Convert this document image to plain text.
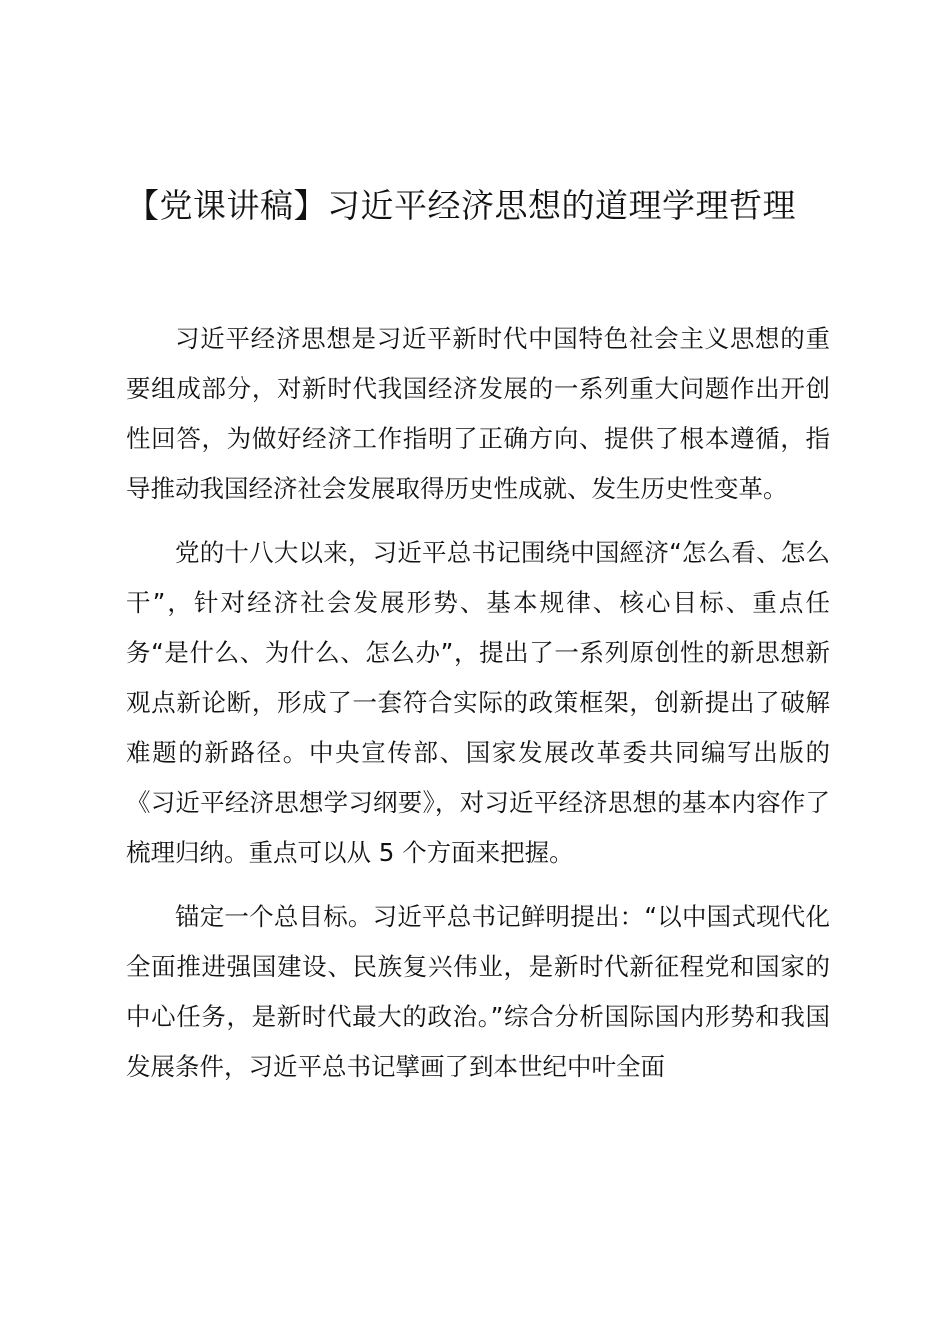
【党课讲稿】习近平经济思想的道理学理哲理

习近平经济思想是习近平新时代中国特色社会主义思想的重要组成部分，对新时代我国经济发展的一系列重大问题作出开创性回答，为做好经济工作指明了正确方向、提供了根本遵循，指导推动我国经济社会发展取得历史性成就、发生历史性变革。

党的十八大以来，习近平总书记围绕中国經济“怎么看、怎么干”，针对经济社会发展形势、基本规律、核心目标、重点任务“是什么、为什么、怎么办”，提出了一系列原创性的新思想新观点新论断，形成了一套符合实际的政策框架，创新提出了破解难题的新路径。中央宣传部、国家发展改革委共同编写出版的《习近平经济思想学习纲要》，对习近平经济思想的基本内容作了梳理归纳。重点可以从 5 个方面来把握。

锚定一个总目标。习近平总书记鲜明提出：“以中国式现代化全面推进强国建设、民族复兴伟业，是新时代新征程党和国家的中心任务，是新时代最大的政治。”综合分析国际国内形势和我国发展条件，习近平总书记擘画了到本世纪中叶全面
